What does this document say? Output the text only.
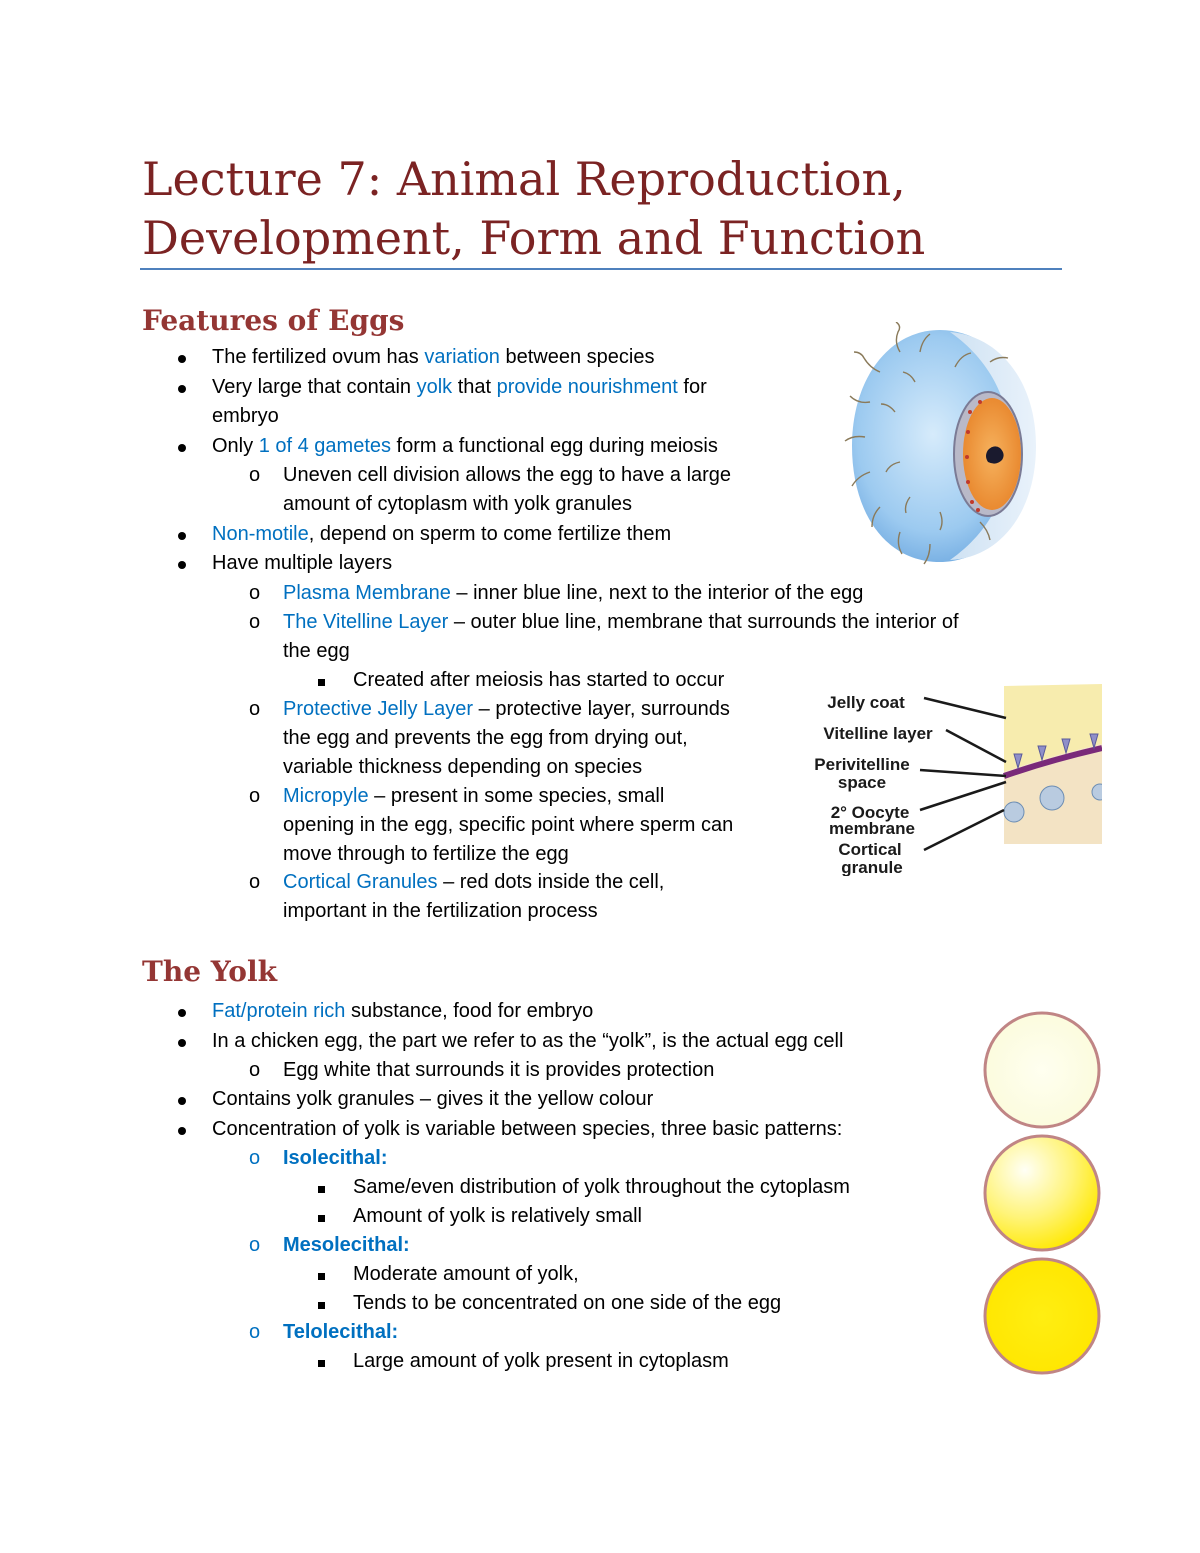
Lecture 7: Animal Reproduction,
Development, Form and Function
Features of Eggs
The fertilized ovum has variation between species
Very large that contain yolk that provide nourishment for
embryo
Only 1 of 4 gametes form a functional egg during meiosis
o Uneven cell division allows the egg to have a large
amount of cytoplasm with yolk granules
Non-motile, depend on sperm to come fertilize them
Have multiple layers
o Plasma Membrane – inner blue line, next to the interior of the egg
o The Vitelline Layer – outer blue line, membrane that surrounds the interior of
the egg
Created after meiosis has started to occur
o Protective Jelly Layer – protective layer, surrounds
the egg and prevents the egg from drying out,
variable thickness depending on species
o Micropyle – present in some species, small
opening in the egg, specific point where sperm can
move through to fertilize the egg
o Cortical Granules – red dots inside the cell,
important in the fertilization process
Jelly coat
Vitelline layer
Perivitelline
space
2° Oocyte
membrane
Cortical
granule
The Yolk
Fat/protein rich substance, food for embryo
In a chicken egg, the part we refer to as the “yolk”, is the actual egg cell
o Egg white that surrounds it is provides protection
Contains yolk granules – gives it the yellow colour
Concentration of yolk is variable between species, three basic patterns:
o Isolecithal:
Same/even distribution of yolk throughout the cytoplasm
Amount of yolk is relatively small
o Mesolecithal:
Moderate amount of yolk,
Tends to be concentrated on one side of the egg
o Telolecithal:
Large amount of yolk present in cytoplasm
